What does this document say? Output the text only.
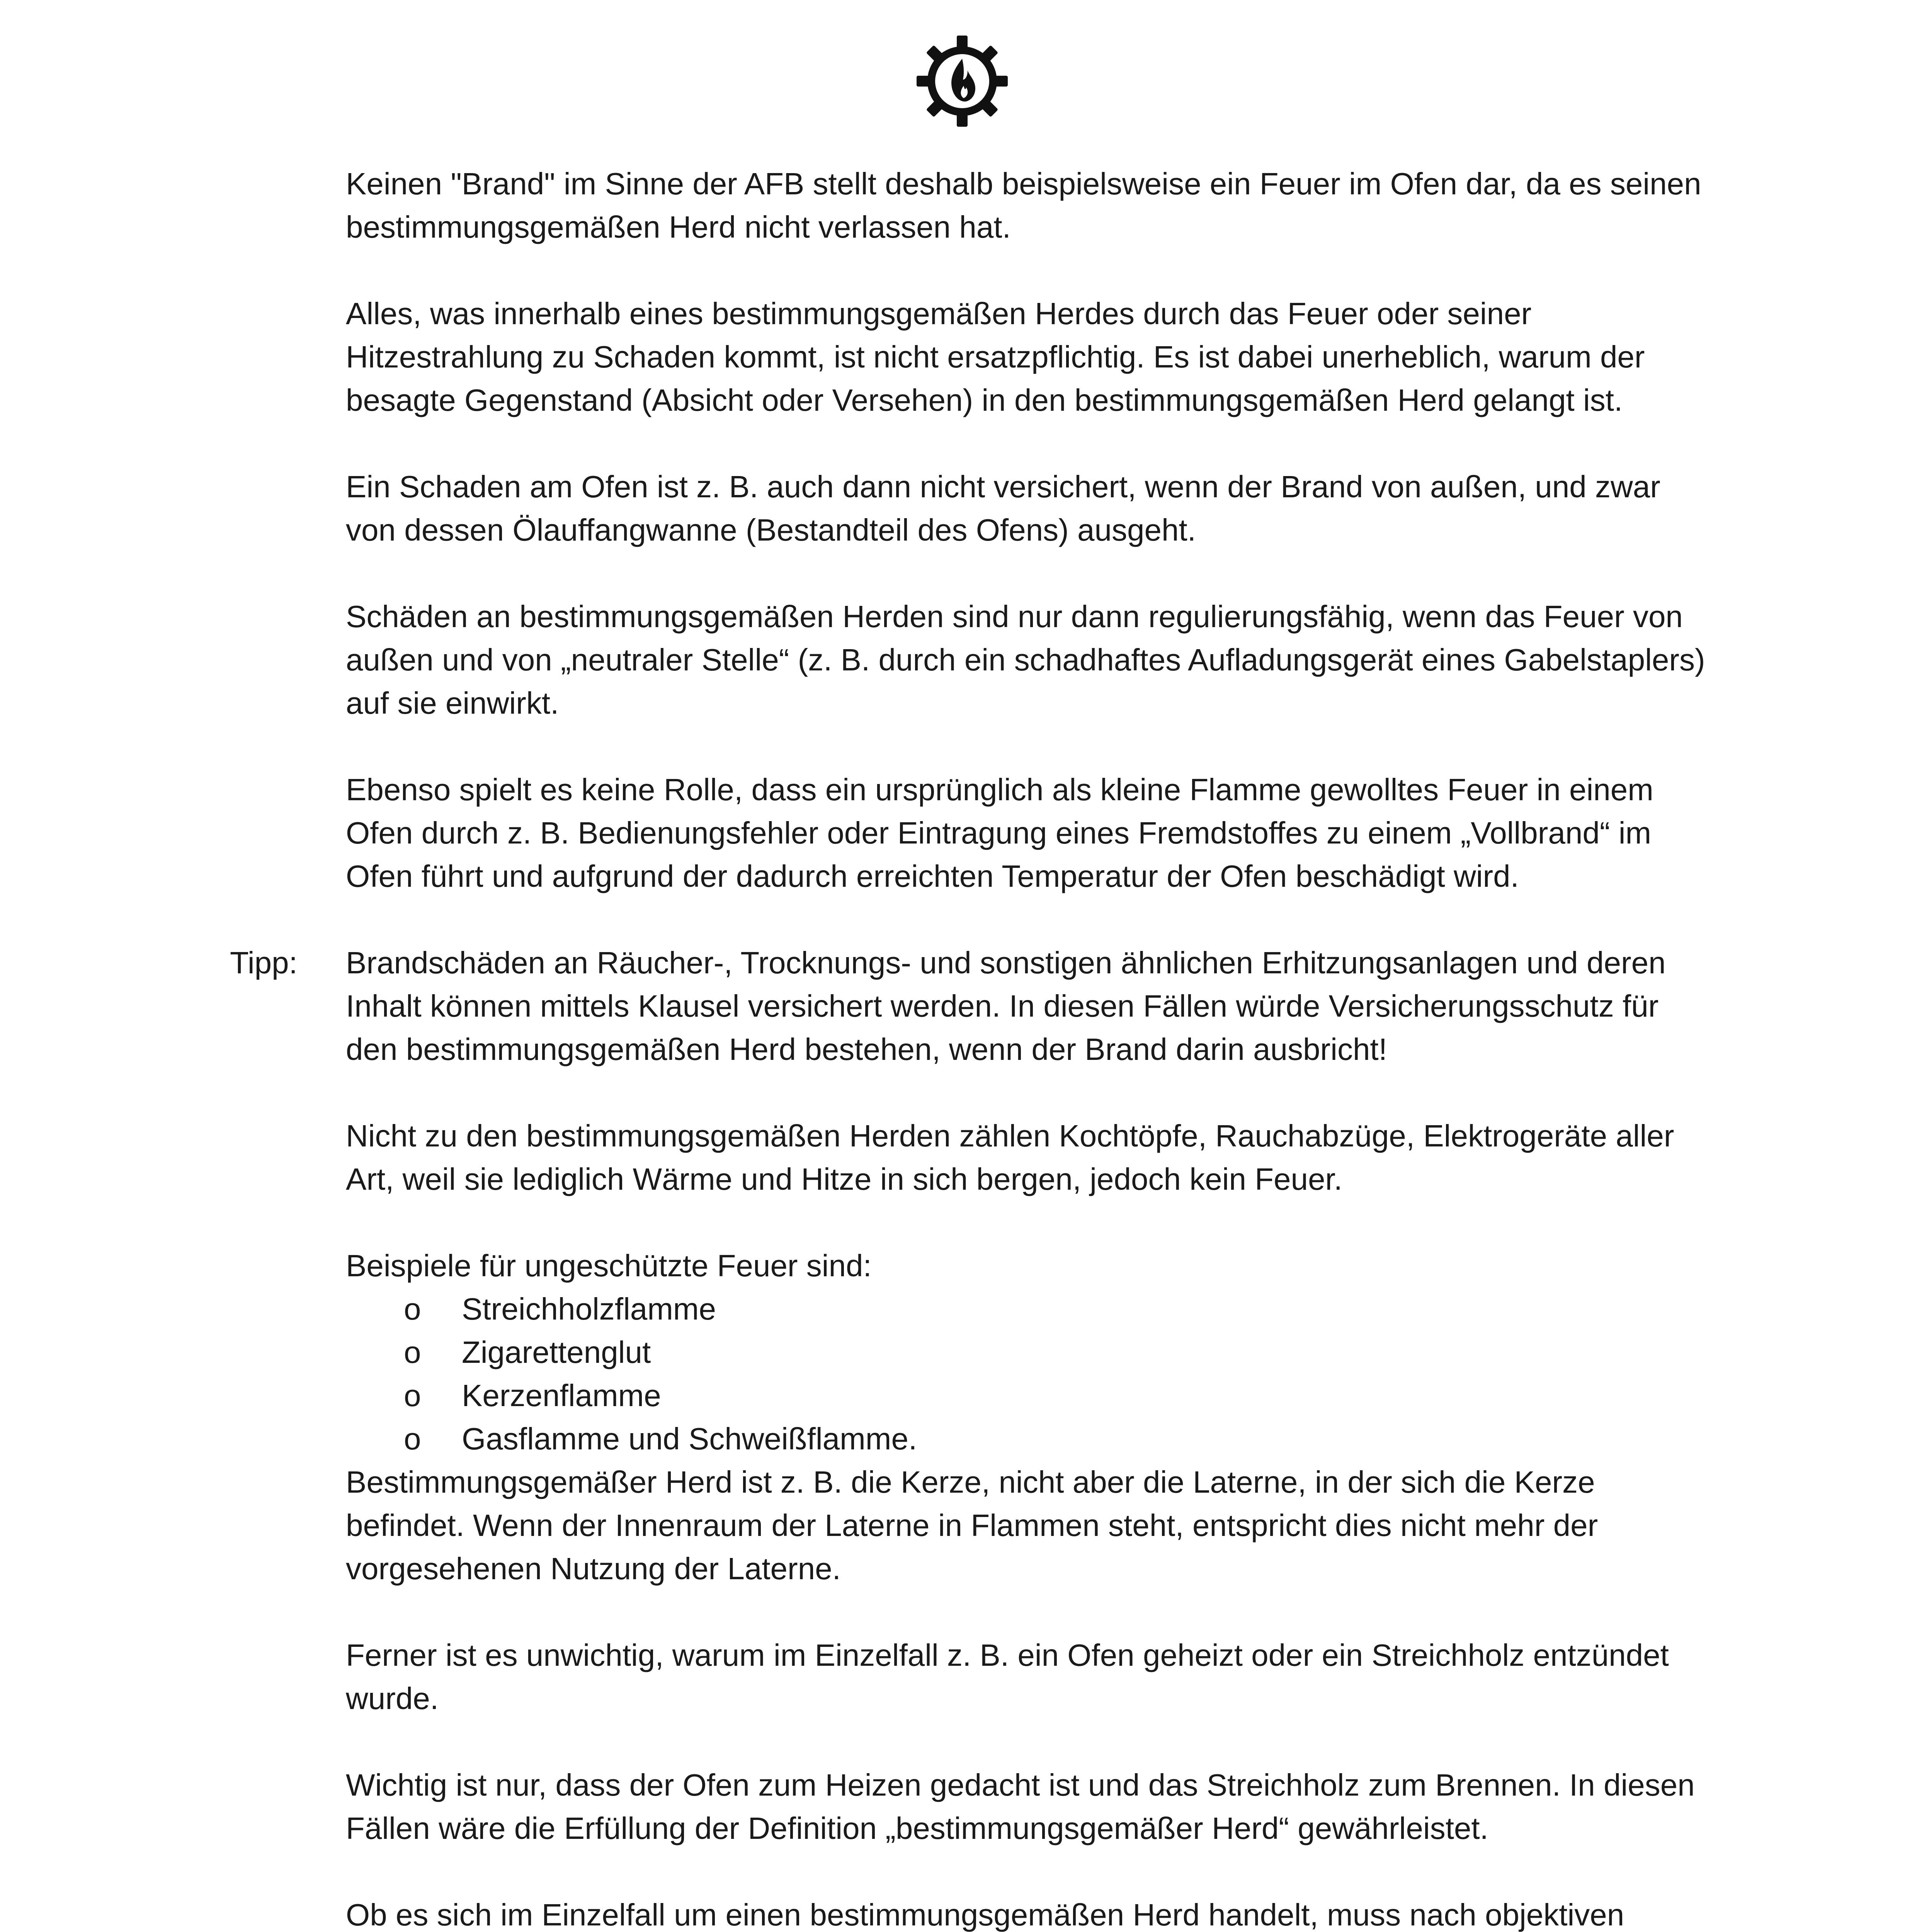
Keinen "Brand" im Sinne der AFB stellt deshalb beispielsweise ein Feuer im Ofen dar, da es seinen bestimmungsgemäßen Herd nicht verlassen hat.

Alles, was innerhalb eines bestimmungsgemäßen Herdes durch das Feuer oder seiner Hitzestrahlung zu Schaden kommt, ist nicht ersatzpflichtig. Es ist dabei unerheblich, warum der besagte Gegenstand (Absicht oder Versehen) in den bestimmungsgemäßen Herd gelangt ist.

Ein Schaden am Ofen ist z. B. auch dann nicht versichert, wenn der Brand von außen, und zwar von dessen Ölauffangwanne (Bestandteil des Ofens) ausgeht.

Schäden an bestimmungsgemäßen Herden sind nur dann regulierungsfähig, wenn das Feuer von außen und von „neutraler Stelle“ (z. B. durch ein schadhaftes Aufladungsgerät eines Gabelstaplers) auf sie einwirkt.

Ebenso spielt es keine Rolle, dass ein ursprünglich als kleine Flamme gewolltes Feuer in einem Ofen durch z. B. Bedienungsfehler oder Eintragung eines Fremdstoffes zu einem „Vollbrand“ im Ofen führt und aufgrund der dadurch erreichten Temperatur der Ofen beschädigt wird.

Tipp: Brandschäden an Räucher-, Trocknungs- und sonstigen ähnlichen Erhitzungsanlagen und deren Inhalt können mittels Klausel versichert werden. In diesen Fällen würde Versicherungsschutz für den bestimmungsgemäßen Herd bestehen, wenn der Brand darin ausbricht!

Nicht zu den bestimmungsgemäßen Herden zählen Kochtöpfe, Rauchabzüge, Elektrogeräte aller Art, weil sie lediglich Wärme und Hitze in sich bergen, jedoch kein Feuer.

Beispiele für ungeschützte Feuer sind:

o Streichholzflamme
o Zigarettenglut
o Kerzenflamme
o Gasflamme und Schweißflamme.

Bestimmungsgemäßer Herd ist z. B. die Kerze, nicht aber die Laterne, in der sich die Kerze befindet. Wenn der Innenraum der Laterne in Flammen steht, entspricht dies nicht mehr der vorgesehenen Nutzung der Laterne.

Ferner ist es unwichtig, warum im Einzelfall z. B. ein Ofen geheizt oder ein Streichholz entzündet wurde.

Wichtig ist nur, dass der Ofen zum Heizen gedacht ist und das Streichholz zum Brennen. In diesen Fällen wäre die Erfüllung der Definition „bestimmungsgemäßer Herd“ gewährleistet.

Ob es sich im Einzelfall um einen bestimmungsgemäßen Herd handelt, muss nach objektiven
